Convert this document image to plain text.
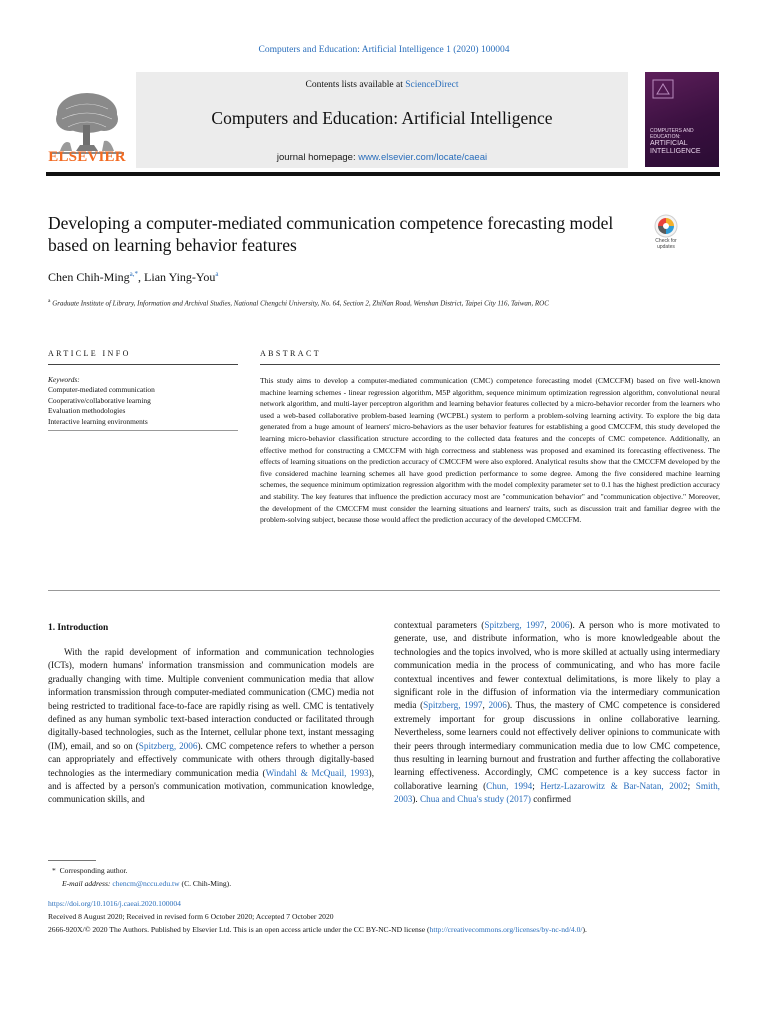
Computers and Education: Artificial Intelligence 1 (2020) 100004
Contents lists available at ScienceDirect
Computers and Education: Artificial Intelligence
journal homepage: www.elsevier.com/locate/caeai
ELSEVIER
COMPUTERS AND
EDUCATION:
ARTIFICIAL
INTELLIGENCE
Developing a computer-mediated communication competence forecasting model based on learning behavior features	Check for
updates
Chen Chih-Ming$^{a,*}$, Lian Ying-You$^a$
$^a$ Graduate Institute of Library, Information and Archival Studies, National Chengchi University, No. 64, Section 2, ZhiNan Road, Wenshan District, Taipei City 116, Taiwan, ROC
ARTICLE INFO	ABSTRACT
Keywords:
Computer-mediated communication
Cooperative/collaborative learning
Evaluation methodologies
Interactive learning environments
This study aims to develop a computer-mediated communication (CMC) competence forecasting model (CMCCFM) based on five well-known machine learning schemes - linear regression algorithm, M5P algorithm, sequence minimum optimization regression algorithm, convolutional neural network algorithm, and multi-layer perceptron algorithm and learning behavior features collected by a micro-behavior recorder from the learners who used a web-based collaborative problem-based learning (WCPBL) system to perform a problem-solving learning activity. To explore the big data generated from a huge amount of learners' micro-behaviors as the user behavior features for establishing a good CMCCFM, this study developed the learning micro-behavior classification structure according to the collected data features and the concepts of CMC competence. Additionally, an effective method for constructing a CMCCFM with high correctness and stableness was proposed and examined its forecasting effectiveness. The effects of learning situations on the prediction accuracy of CMCCFM were also explored. Analytical results show that the CMCCFM developed by the five considered machine learning schemes all have good prediction performance to some degree. Among the five considered machine learning schemes, the sequence minimum optimization regression algorithm with the model complexity parameter set to 0.1 has the highest prediction accuracy and stability. The key features that influence the prediction accuracy most are "communication behavior" and "communication objective." Moreover, the development of the CMCCFM must consider the learning situations and learners' traits, such as discussion trait and familiar degree with the problem-solving subject, because those would affect the prediction accuracy of the developed CMCCFM.
1. Introduction

With the rapid development of information and communication technologies (ICTs), modern humans' information transmission and communication models are gradually changing with time. Multiple convenient communication media that allow information transmission through computer-mediated communication (CMC) media not being restricted to traditional face-to-face are rapidly rising as well. CMC is tentatively defined as any human symbolic text-based interaction conducted or facilitated through digitally-based technologies, such as the Internet, cellular phone text, instant messaging (IM), email, and so on (Spitzberg, 2006). CMC competence refers to whether a person can appropriately and effectively communicate with others through digitally-based technologies as the intermediary communication media (Windahl & McQuail, 1993), and is affected by a person's communication motivation, communication knowledge, communication skills, and

contextual parameters (Spitzberg, 1997, 2006). A person who is more motivated to generate, use, and distribute information, who is more knowledgeable about the technologies and the topics involved, who is more skilled at actually using intermediary communication media in the process of communicating, and who has more facile contextual incentives and fewer contextual delimitations, is more likely to play a significant role in the diffusion of information via the intermediary communication media (Spitzberg, 1997, 2006). Thus, the mastery of CMC competence is considered extremely important for group discussions in online collaborative learning. Nevertheless, some learners could not effectively deliver opinions to communicate with their peers through intermediary communication media due to low CMC competence, thus resulting in learning burnout and frustration and further affecting the collaborative learning effectiveness. Accordingly, CMC competence is a key success factor in collaborative learning (Chun, 1994; Hertz-Lazarowitz & Bar-Natan, 2002; Smith, 2003). Chua and Chua's study (2017) confirmed

* Corresponding author.
E-mail address: chencm@nccu.edu.tw (C. Chih-Ming).
https://doi.org/10.1016/j.caeai.2020.100004
Received 8 August 2020; Received in revised form 6 October 2020; Accepted 7 October 2020
2666-920X/© 2020 The Authors. Published by Elsevier Ltd. This is an open access article under the CC BY-NC-ND license (http://creativecommons.org/licenses/by-nc-nd/4.0/).
